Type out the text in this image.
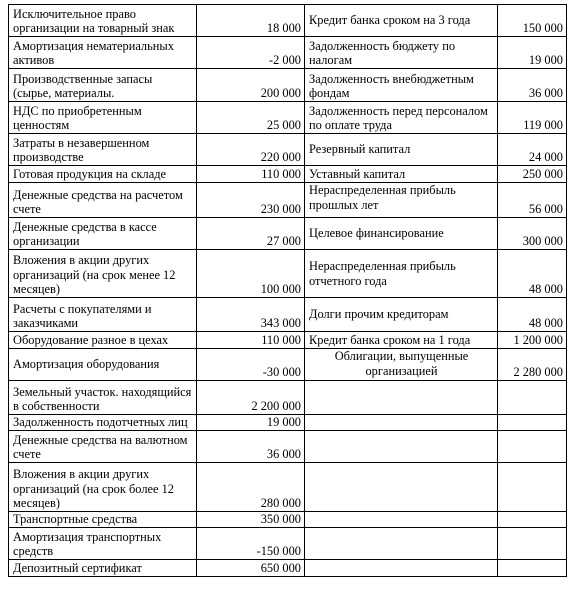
Исключительное право организации на товарный знак	18 000	Кредит банка сроком на 3 года	150 000
Амортизация нематериальных активов	-2 000	Задолженность бюджету по налогам	19 000
Производственные запасы (сырье, материалы.	200 000	Задолженность внебюджетным фондам	36 000
НДС по приобретенным ценностям	25 000	Задолженность перед персоналом по оплате труда	119 000
Затраты в незавершенном производстве	220 000	Резервный капитал	24 000
Готовая продукция на складе	110 000	Уставный капитал	250 000
Денежные средства на расчетом счете	230 000	Нераспределенная прибыль прошлых лет	56 000
Денежные средства в кассе организации	27 000	Целевое финансирование	300 000
Вложения в акции других организаций (на срок менее 12 месяцев)	100 000	Нераспределенная прибыль отчетного года	48 000
Расчеты с покупателями и заказчиками	343 000	Долги прочим кредиторам	48 000
Оборудование разное в цехах	110 000	Кредит банка сроком на 1 года	1 200 000
Амортизация оборудования	-30 000	Облигации, выпущенные организацией	2 280 000
Земельный участок. находящийся в собственности	2 200 000		
Задолженность подотчетных лиц	19 000		
Денежные средства на валютном счете	36 000		
Вложения в акции других организаций (на срок более 12 месяцев)	280 000		
Транспортные средства	350 000		
Амортизация транспортных средств	-150 000		
Депозитный сертификат	650 000		
